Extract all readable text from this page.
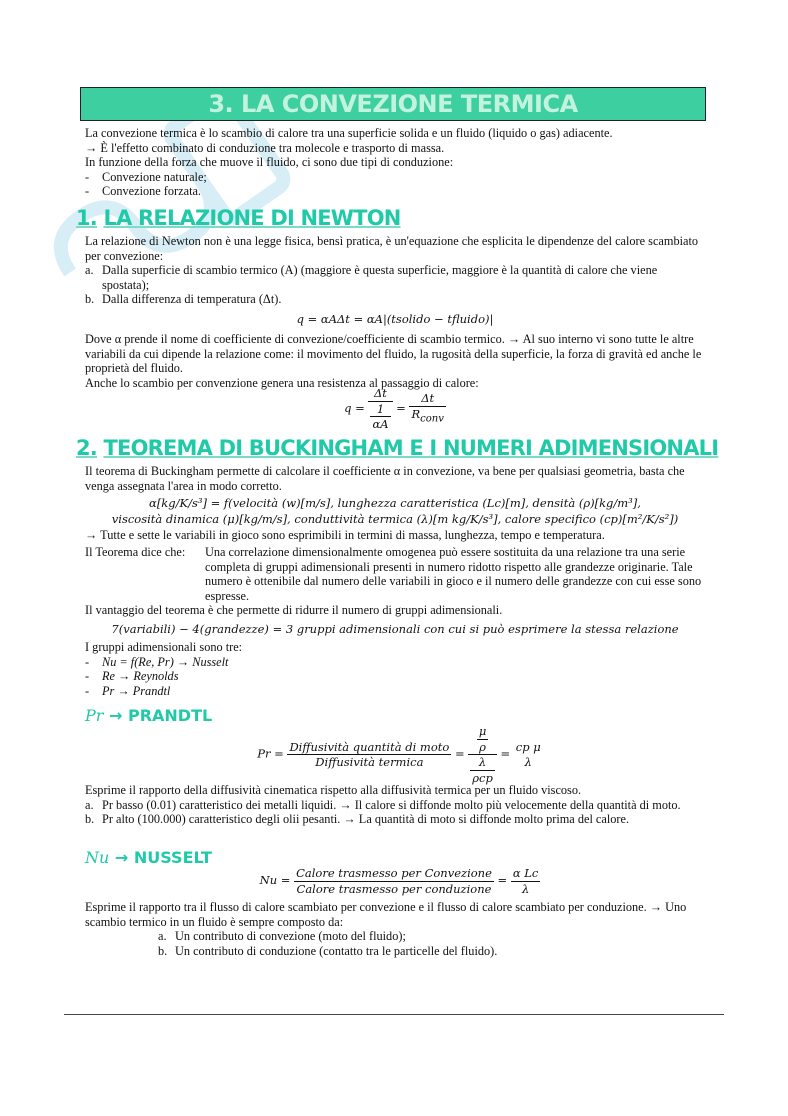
3. LA CONVEZIONE TERMICA

La convezione termica è lo scambio di calore tra una superficie solida e un fluido (liquido o gas) adiacente.

→ È l'effetto combinato di conduzione tra molecole e trasporto di massa.

In funzione della forza che muove il fluido, ci sono due tipi di conduzione:

- Convezione naturale;

- Convezione forzata.

1. LA RELAZIONE DI NEWTON

La relazione di Newton non è una legge fisica, bensì pratica, è un'equazione che esplicita le dipendenze del calore scambiato per convezione:

a. Dalla superficie di scambio termico (A) (maggiore è questa superficie, maggiore è la quantità di calore che viene spostata);

b. Dalla differenza di temperatura (Δt).

q = αAΔt = αA|(tsolido − tfluido)|

Dove α prende il nome di coefficiente di convezione/coefficiente di scambio termico. → Al suo interno vi sono tutte le altre variabili da cui dipende la relazione come: il movimento del fluido, la rugosità della superficie, la forza di gravità ed anche le proprietà del fluido.

Anche lo scambio per convenzione genera una resistenza al passaggio di calore:

$q = \frac{\Delta t}{\frac{1}{\alpha A}} = \frac{\Delta t}{R_{conv}}$
2. TEOREMA DI BUCKINGHAM E I NUMERI ADIMENSIONALI

Il teorema di Buckingham permette di calcolare il coefficiente α in convezione, va bene per qualsiasi geometria, basta che venga assegnata l'area in modo corretto.

α[kg/K/s³] = f(velocità (w)[m/s], lunghezza caratteristica (Lc)[m], densità (ρ)[kg/m³],
viscosità dinamica (μ)[kg/m/s], conduttività termica (λ)[m kg/K/s³], calore specifico (cp)[m²/K/s²])

→ Tutte e sette le variabili in gioco sono esprimibili in termini di massa, lunghezza, tempo e temperatura.

Il Teorema dice che:	Una correlazione dimensionalmente omogenea può essere sostituita da una relazione tra una serie completa di gruppi adimensionali presenti in numero ridotto rispetto alle grandezze originarie. Tale numero è ottenibile dal numero delle variabili in gioco e il numero delle grandezze con cui esse sono espresse.

Il vantaggio del teorema è che permette di ridurre il numero di gruppi adimensionali.

7(variabili) − 4(grandezze) = 3 gruppi adimensionali con cui si può esprimere la stessa relazione

I gruppi adimensionali sono tre:

- Nu = f(Re, Pr) → Nusselt

- Re → Reynolds

- Pr → Prandtl

Pr → PRANDTL
$Pr = \frac{\text{Diffusività quantità di moto}}{\text{Diffusività termica}} = \frac{\frac{\mu}{\rho}}{\frac{\lambda}{\text{ρcp}}}$ = cp μ
λ

Esprime il rapporto della diffusività cinematica rispetto alla diffusività termica per un fluido viscoso.

a. Pr basso (0.01) caratteristico dei metalli liquidi. → Il calore si diffonde molto più velocemente della quantità di moto.

b. Pr alto (100.000) caratteristico degli olii pesanti. → La quantità di moto si diffonde molto prima del calore.

Nu → NUSSELT
$Nu = \frac{\text{Calore trasmesso per Convezione}}{\text{Calore trasmesso per conduzione}} = \frac{\text{α Lc}}{\lambda}$

Esprime il rapporto tra il flusso di calore scambiato per convezione e il flusso di calore scambiato per conduzione. → Uno scambio termico in un fluido è sempre composto da:

a. Un contributo di convezione (moto del fluido);

b. Un contributo di conduzione (contatto tra le particelle del fluido).
